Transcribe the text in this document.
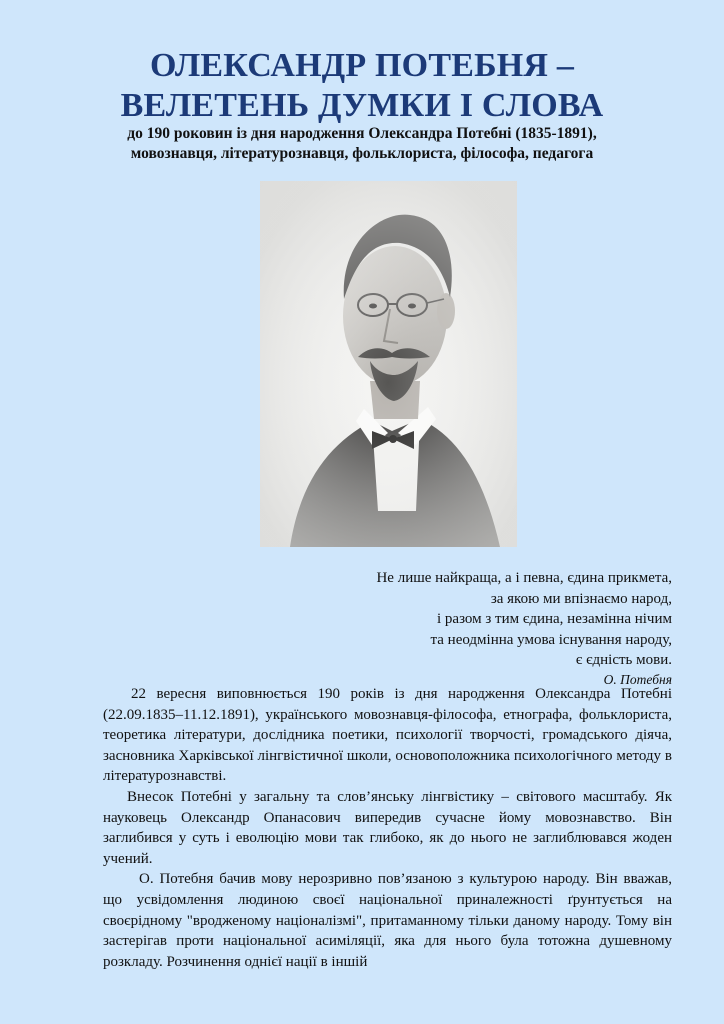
ОЛЕКСАНДР ПОТЕБНЯ –
ВЕЛЕТЕНЬ ДУМКИ І СЛОВА
до 190 роковин із дня народження Олександра Потебні (1835-1891),
мовознавця, літературознавця, фольклориста, філософа, педагога
Не лише найкраща, а і певна, єдина прикмета,
за якою ми впізнаємо народ,
і разом з тим єдина, незамінна нічим
та неодмінна умова існування народу,
є єдність мови.
О. Потебня

22 вересня виповнюється 190 років із дня народження Олександра Потебні (22.09.1835–11.12.1891), українського мовознавця-філософа, етнографа, фольклориста, теоретика літератури, дослідника поетики, психології творчості, громадського діяча, засновника Харківської лінгвістичної школи, основоположника психологічного методу в літературознавстві.

Внесок Потебні у загальну та слов’янську лінгвістику – світового масштабу. Як науковець Олександр Опанасович випередив сучасне йому мовознавство. Він заглибився у суть і еволюцію мови так глибоко, як до нього не заглиблювався жоден учений.

О. Потебня бачив мову нерозривно пов’язаною з культурою народу. Він вважав, що усвідомлення людиною своєї національної приналежності ґрунтується на своєрідному "вродженому націоналізмі", притаманному тільки даному народу. Тому він застерігав проти національної асиміляції, яка для нього була тотожна душевному розкладу. Розчинення однієї нації в іншій
